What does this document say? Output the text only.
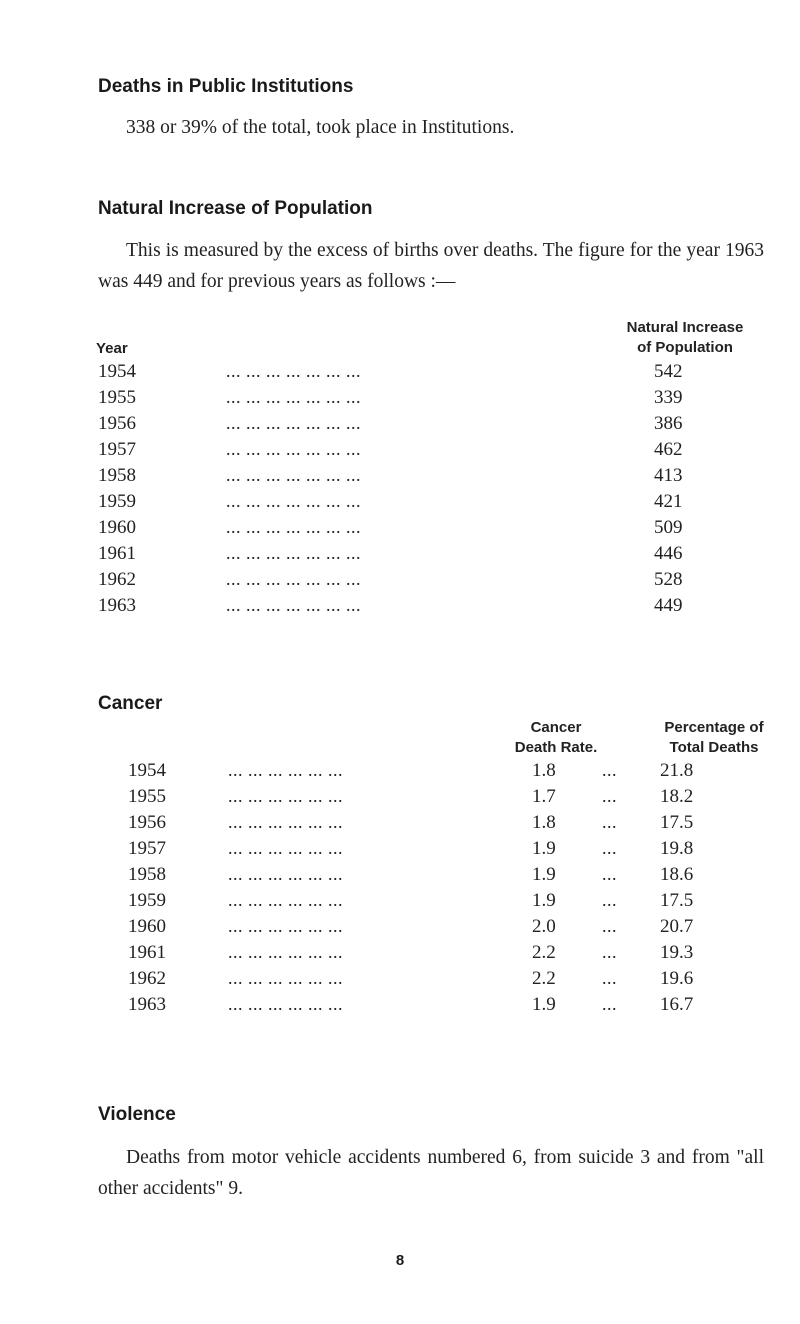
Deaths in Public Institutions
338 or 39% of the total, took place in Institutions.
Natural Increase of Population
This is measured by the excess of births over deaths. The figure for the year 1963 was 449 and for previous years as follows :—
Year
Natural Increase
of Population
1954	... ... ... ... ... ... ...	542
1955	... ... ... ... ... ... ...	339
1956	... ... ... ... ... ... ...	386
1957	... ... ... ... ... ... ...	462
1958	... ... ... ... ... ... ...	413
1959	... ... ... ... ... ... ...	421
1960	... ... ... ... ... ... ...	509
1961	... ... ... ... ... ... ...	446
1962	... ... ... ... ... ... ...	528
1963	... ... ... ... ... ... ...	449
Cancer
Cancer
Death Rate.
Percentage of
Total Deaths
1954	... ... ... ... ... ...	1.8	...	21.8
1955	... ... ... ... ... ...	1.7	...	18.2
1956	... ... ... ... ... ...	1.8	...	17.5
1957	... ... ... ... ... ...	1.9	...	19.8
1958	... ... ... ... ... ...	1.9	...	18.6
1959	... ... ... ... ... ...	1.9	...	17.5
1960	... ... ... ... ... ...	2.0	...	20.7
1961	... ... ... ... ... ...	2.2	...	19.3
1962	... ... ... ... ... ...	2.2	...	19.6
1963	... ... ... ... ... ...	1.9	...	16.7
Violence
Deaths from motor vehicle accidents numbered 6, from suicide 3 and from "all other accidents" 9.
8
